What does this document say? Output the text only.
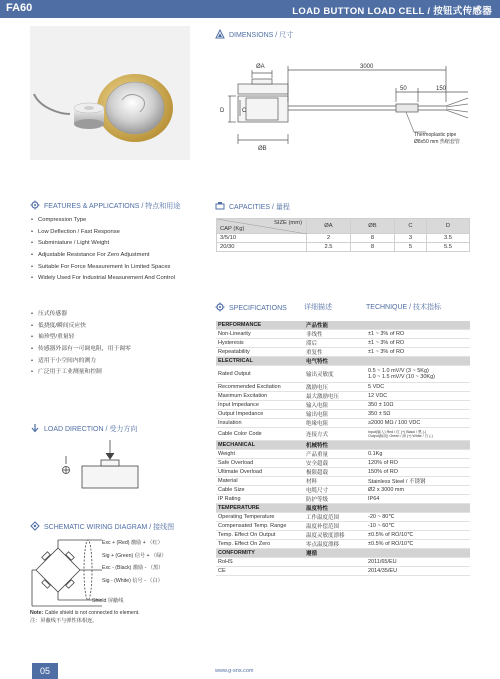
FA60	LOAD BUTTON LOAD CELL / 按钮式传感器
DIMENSIONS / 尺寸
ØA
D	C
ØB
3000
50	150
Thermoplastic pipe
Ø8x50 mm 热缩套管
FEATURES & APPLICATIONS / 特点和用途
• Compression Type
• Low Deflection / Fast Response
• Subminiature / Light Weight
• Adjustable Resistance For Zero Adjustment
• Suitable For Force Measurement In Limited Spaces
• Widely Used For Industrial Measurement And Control
• 压式传感器
• 低挠度/瞬间反应快
• 袖珍型/重量轻
• 传感器外部有一可调电阻，用于调零
• 适用于小空间内的测力
• 广泛用于工业测量和控制
CAPACITIES / 量程
SIZE (mm)
CAP (Kg)	ØA	ØB	C	D
3/5/10	2	8	3	3.5
20/30	2.5	8	5	5.5
SPECIFICATIONS 详细描述	TECHNIQUE / 技术指标
PERFORMANCE	产品性能	
Non-Linearity	非线性	±1 ~ 3% of RO
Hysteresis	滞后	±1 ~ 3% of RO
Repeatability	重复性	±1 ~ 3% of RO
ELECTRICAL	电气特性	
Rated Output	输出灵敏度	0.5 ~ 1.0 mV/V (3 ~ 5Kg)
1.0 ~ 1.5 mV/V (10 ~ 30Kg)

Recommended Excitation	激励电压	5 VDC
Maximum Excitation	最大激励电压	12 VDC
Input Impedance	输入电阻	350 ± 10Ω
Output Impedance	输出电阻	350 ± 5Ω
Insulation	绝缘电阻	≥2000 MΩ / 100 VDC
Cable Color Code	连接方式	Input(输入) Red / 红 (+) Black / 黑 (-)
Output(输出) Green / 绿 (+) White / 白 (-)

MECHANICAL	机械特性	
Weight	产品重量	0.1Kg
Safe Overload	安全超载	120% of RO
Ultimate Overload	极限超载	150% of RO
Material	材料	Stainless Steel / 不锈钢
Cable Size	电缆尺寸	Ø2 x 3000 mm
IP Rating	防护等级	IP64
TEMPERATURE	温度特性	
Operating Temperature	工作温度范围	-20 ~ 80℃
Compensated Temp. Range	温度补偿范围	-10 ~ 60℃
Temp. Effect On Output	温度灵敏度漂移	±0.5% of RO/10℃
Temp. Effect On Zero	零点温度漂移	±0.5% of RO/10℃
CONFORMITY	遵循	
RoHS		2011/65/EU
CE		2014/35/EU
LOAD DIRECTION / 受力方向
SCHEMATIC WIRING DIAGRAM / 接线图
Exc + (Red) 激励 + （红）
Sig + (Green) 信号 + （绿）
Exc - (Black) 激励 - （黑）
Sig - (White) 信号 - （白）
Shield 屏蔽线
Note: Cable shield is not connected to element.
注：屏蔽线不与弹性体相连。
05	www.g-sns.com
